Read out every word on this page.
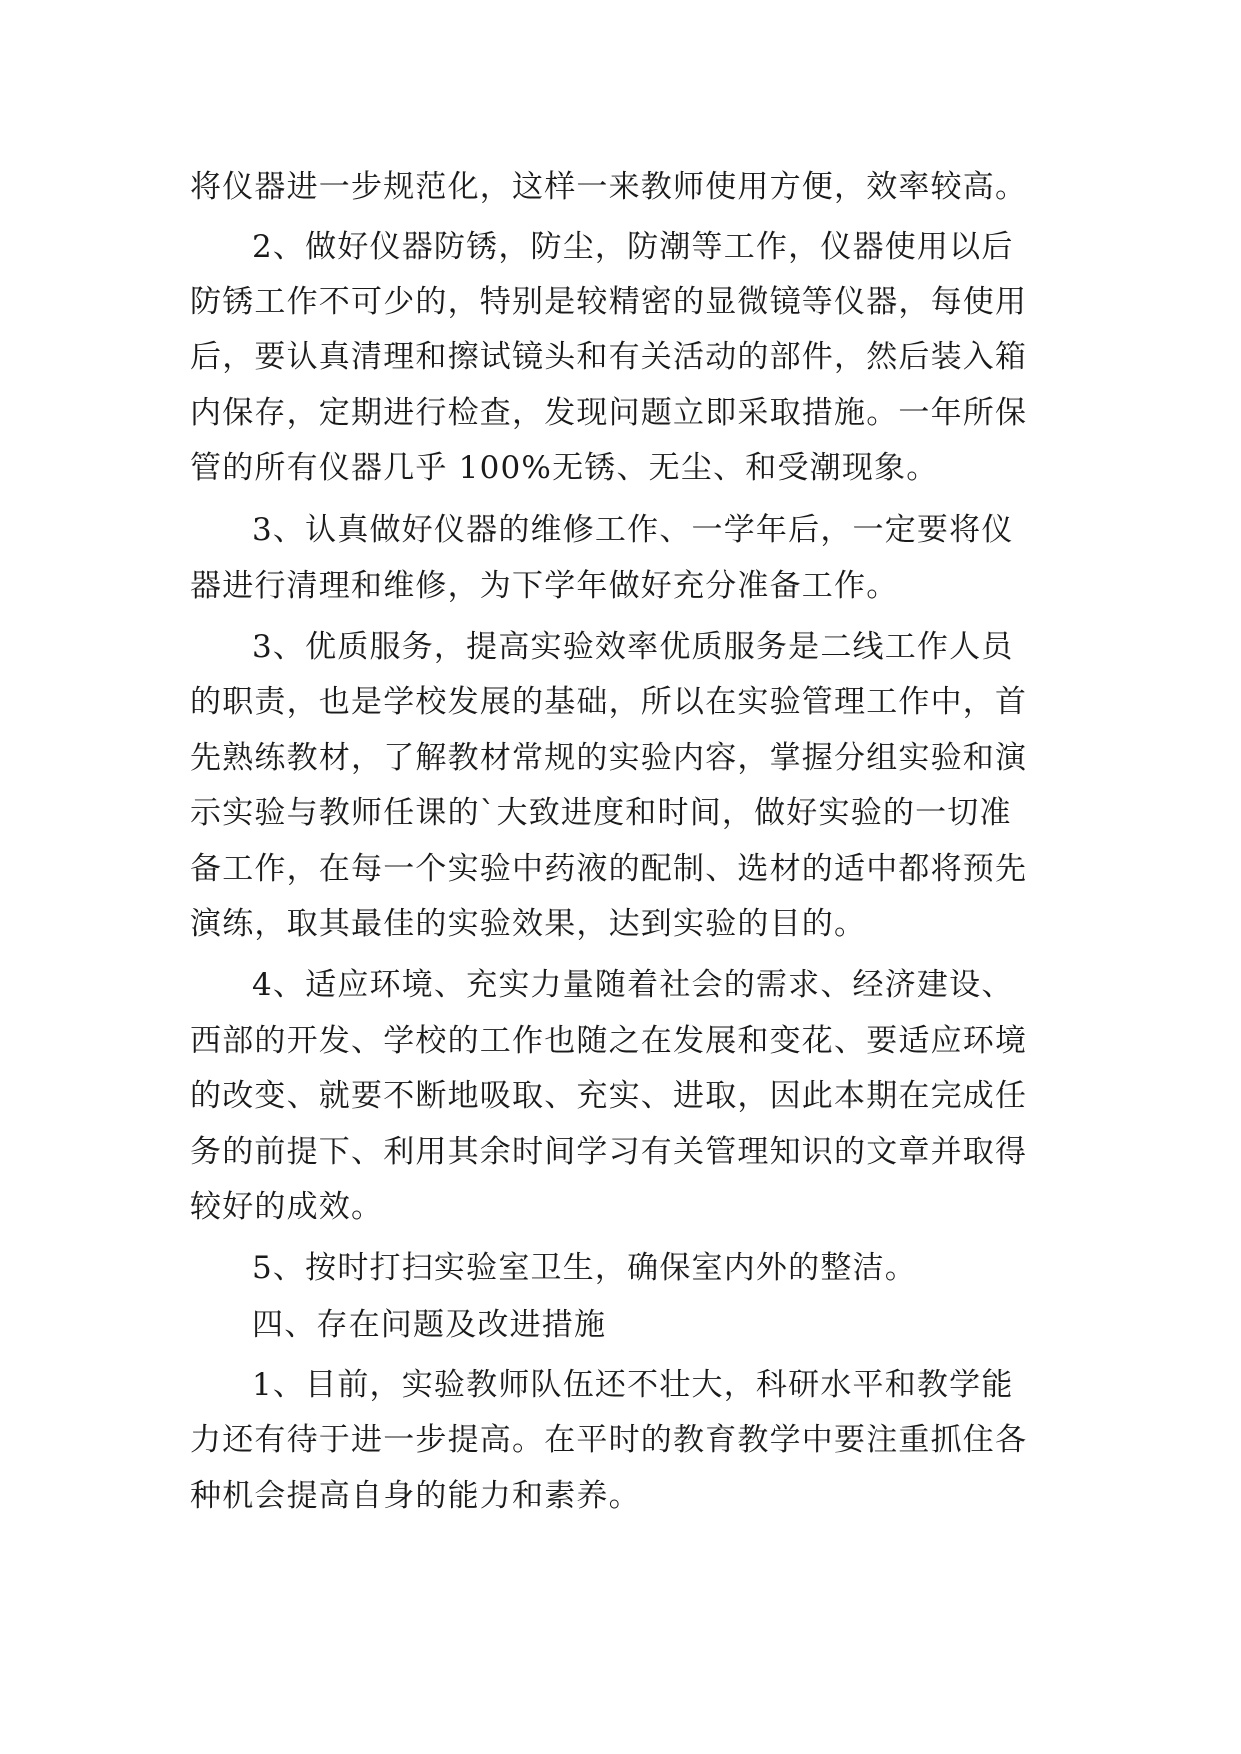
将仪器进一步规范化，这样一来教师使用方便，效率较高。
2、做好仪器防锈，防尘，防潮等工作，仪器使用以后
防锈工作不可少的，特别是较精密的显微镜等仪器，每使用
后，要认真清理和擦试镜头和有关活动的部件，然后装入箱
内保存，定期进行检查，发现问题立即采取措施。一年所保
管的所有仪器几乎 100%无锈、无尘、和受潮现象。
3、认真做好仪器的维修工作、一学年后，一定要将仪
器进行清理和维修，为下学年做好充分准备工作。
3、优质服务，提高实验效率优质服务是二线工作人员
的职责，也是学校发展的基础，所以在实验管理工作中，首
先熟练教材，了解教材常规的实验内容，掌握分组实验和演
示实验与教师任课的`大致进度和时间，做好实验的一切准
备工作，在每一个实验中药液的配制、选材的适中都将预先
演练，取其最佳的实验效果，达到实验的目的。
4、适应环境、充实力量随着社会的需求、经济建设、
西部的开发、学校的工作也随之在发展和变花、要适应环境
的改变、就要不断地吸取、充实、进取，因此本期在完成任
务的前提下、利用其余时间学习有关管理知识的文章并取得
较好的成效。
5、按时打扫实验室卫生，确保室内外的整洁。
四、存在问题及改进措施
1、目前，实验教师队伍还不壮大，科研水平和教学能
力还有待于进一步提高。在平时的教育教学中要注重抓住各
种机会提高自身的能力和素养。
